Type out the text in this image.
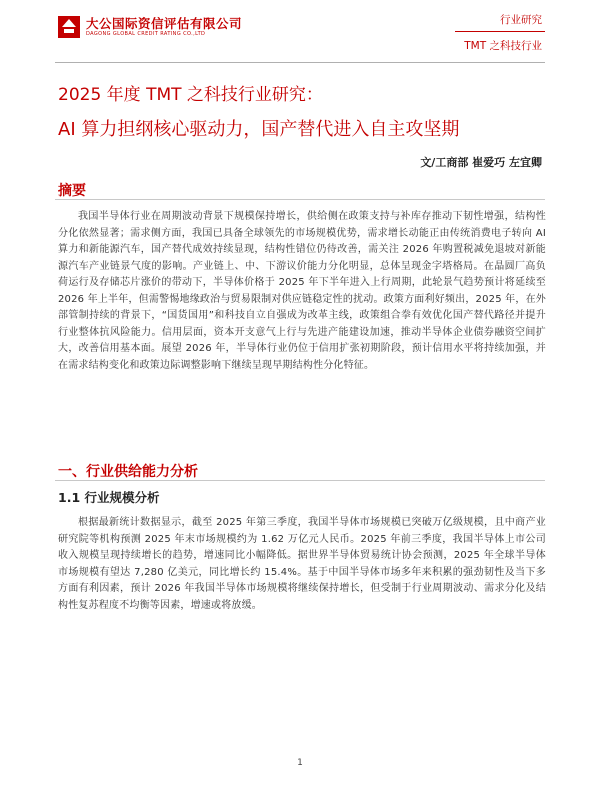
大公国际资信评估有限公司
DAGONG GLOBAL CREDIT RATING CO.,LTD
行业研究
TMT 之科技行业
2025 年度 TMT 之科技行业研究：
AI 算力担纲核心驱动力，国产替代进入自主攻坚期
文/工商部 崔爱巧 左宜卿
摘要

我国半导体行业在周期波动背景下规模保持增长，供给侧在政策支持与补库存推动下韧性增强，结构性分化依然显著；需求侧方面，我国已具备全球领先的市场规模优势，需求增长动能正由传统消费电子转向 AI 算力和新能源汽车，国产替代成效持续显现，结构性错位仍待改善，需关注 2026 年购置税减免退坡对新能源汽车产业链景气度的影响。产业链上、中、下游议价能力分化明显，总体呈现金字塔格局。在晶圆厂高负荷运行及存储芯片涨价的带动下，半导体价格于 2025 年下半年进入上行周期，此轮景气趋势预计将延续至 2026 年上半年，但需警惕地缘政治与贸易限制对供应链稳定性的扰动。政策方面利好频出，2025 年，在外部管制持续的背景下，“国货国用”和科技自立自强成为改革主线，政策组合拳有效优化国产替代路径并提升行业整体抗风险能力。信用层面，资本开支意气上行与先进产能建设加速，推动半导体企业债券融资空间扩大，改善信用基本面。展望 2026 年，半导体行业仍位于信用扩张初期阶段，预计信用水平将持续加强，并在需求结构变化和政策边际调整影响下继续呈现早期结构性分化特征。

一、行业供给能力分析
1.1 行业规模分析

根据最新统计数据显示，截至 2025 年第三季度，我国半导体市场规模已突破万亿级规模，且中商产业研究院等机构预测 2025 年末市场规模约为 1.62 万亿元人民币。2025 年前三季度，我国半导体上市公司收入规模呈现持续增长的趋势，增速同比小幅降低。据世界半导体贸易统计协会预测，2025 年全球半导体市场规模有望达 7,280 亿美元，同比增长约 15.4%。基于中国半导体市场多年来积累的强劲韧性及当下多方面有利因素，预计 2026 年我国半导体市场规模将继续保持增长，但受制于行业周期波动、需求分化及结构性复苏程度不均衡等因素，增速或将放缓。

1
